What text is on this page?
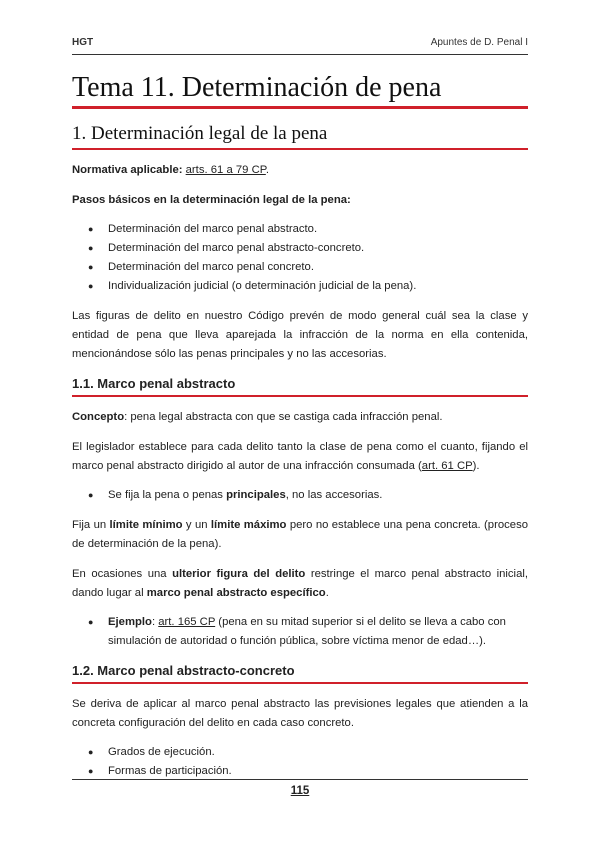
HGT	Apuntes de D. Penal I
Tema 11. Determinación de pena
1. Determinación legal de la pena

Normativa aplicable: arts. 61 a 79 CP.

Pasos básicos en la determinación legal de la pena:

● Determinación del marco penal abstracto.
● Determinación del marco penal abstracto-concreto.
● Determinación del marco penal concreto.
● Individualización judicial (o determinación judicial de la pena).

Las figuras de delito en nuestro Código prevén de modo general cuál sea la clase y entidad de pena que lleva aparejada la infracción de la norma en ella contenida, mencionándose sólo las penas principales y no las accesorias.

1.1. Marco penal abstracto

Concepto: pena legal abstracta con que se castiga cada infracción penal.

El legislador establece para cada delito tanto la clase de pena como el cuanto, fijando el marco penal abstracto dirigido al autor de una infracción consumada (art. 61 CP).

● Se fija la pena o penas principales, no las accesorias.

Fija un límite mínimo y un límite máximo pero no establece una pena concreta. (proceso de determinación de la pena).

En ocasiones una ulterior figura del delito restringe el marco penal abstracto inicial, dando lugar al marco penal abstracto específico.

● Ejemplo: art. 165 CP (pena en su mitad superior si el delito se lleva a cabo con simulación de autoridad o función pública, sobre víctima menor de edad…).
1.2. Marco penal abstracto-concreto

Se deriva de aplicar al marco penal abstracto las previsiones legales que atienden a la concreta configuración del delito en cada caso concreto.

● Grados de ejecución.
● Formas de participación.
115
